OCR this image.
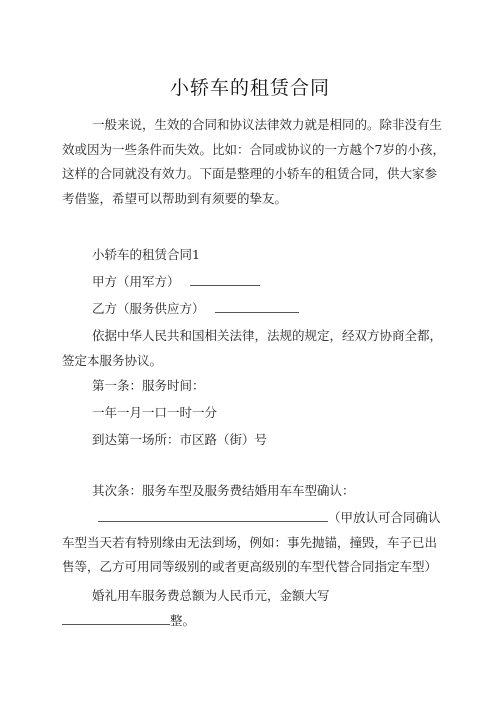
小轿车的租赁合同

一般来说，生效的合同和协议法律效力就是相同的。除非没有生效或因为一些条件而失效。比如：合同或协议的一方越个7岁的小孩，这样的合同就没有效力。下面是整理的小轿车的租赁合同，供大家参考借鉴，希望可以帮助到有须要的挚友。

小轿车的租赁合同1
甲方（用军方）
乙方（服务供应方）

依据中华人民共和国相关法律，法规的规定，经双方协商全都，签定本服务协议。

第一条：服务时间：
一年一月一口一时一分
到达第一场所：市区路（街）号
其次条：服务车型及服务费结婚用车车型确认：

（甲放认可合同确认车型当天若有特别缘由无法到场，例如：事先抛锚，撞毁，车子已出售等，乙方可用同等级别的或者更高级别的车型代替合同指定车型）

婚礼用车服务费总额为人民币元，金额大写
整。
